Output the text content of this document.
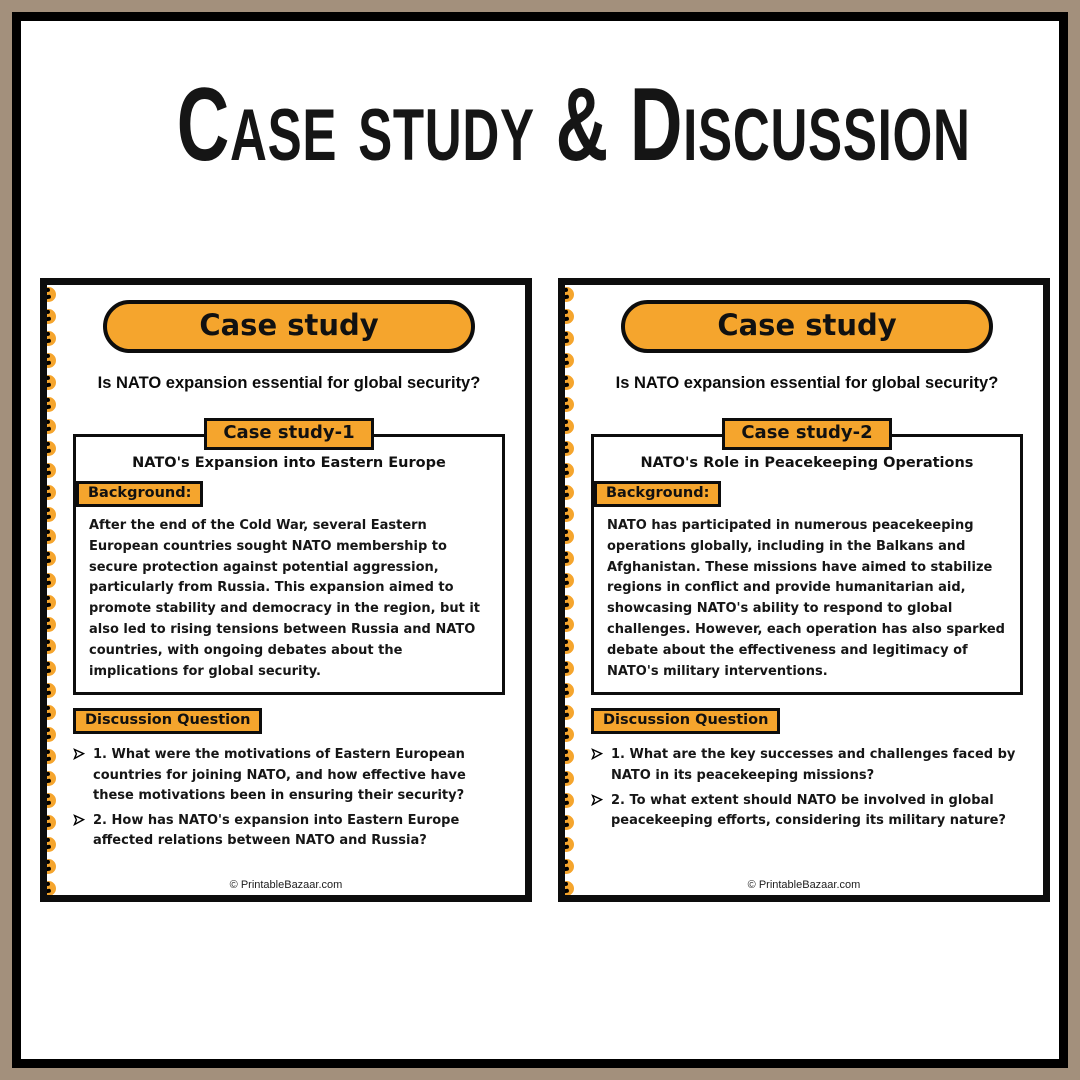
Case study & Discussion
Case study

Is NATO expansion essential for global security?

Case study-1

NATO's Expansion into Eastern Europe

Background:

After the end of the Cold War, several Eastern European countries sought NATO membership to secure protection against potential aggression, particularly from Russia. This expansion aimed to promote stability and democracy in the region, but it also led to rising tensions between Russia and NATO countries, with ongoing debates about the implications for global security.

Discussion Question
1. What were the motivations of Eastern European countries for joining NATO, and how effective have these motivations been in ensuring their security?
2. How has NATO's expansion into Eastern Europe affected relations between NATO and Russia?
© PrintableBazaar.com
Case study

Is NATO expansion essential for global security?

Case study-2

NATO's Role in Peacekeeping Operations

Background:

NATO has participated in numerous peacekeeping operations globally, including in the Balkans and Afghanistan. These missions have aimed to stabilize regions in conflict and provide humanitarian aid, showcasing NATO's ability to respond to global challenges. However, each operation has also sparked debate about the effectiveness and legitimacy of NATO's military interventions.

Discussion Question
1. What are the key successes and challenges faced by NATO in its peacekeeping missions?
2. To what extent should NATO be involved in global peacekeeping efforts, considering its military nature?
© PrintableBazaar.com
